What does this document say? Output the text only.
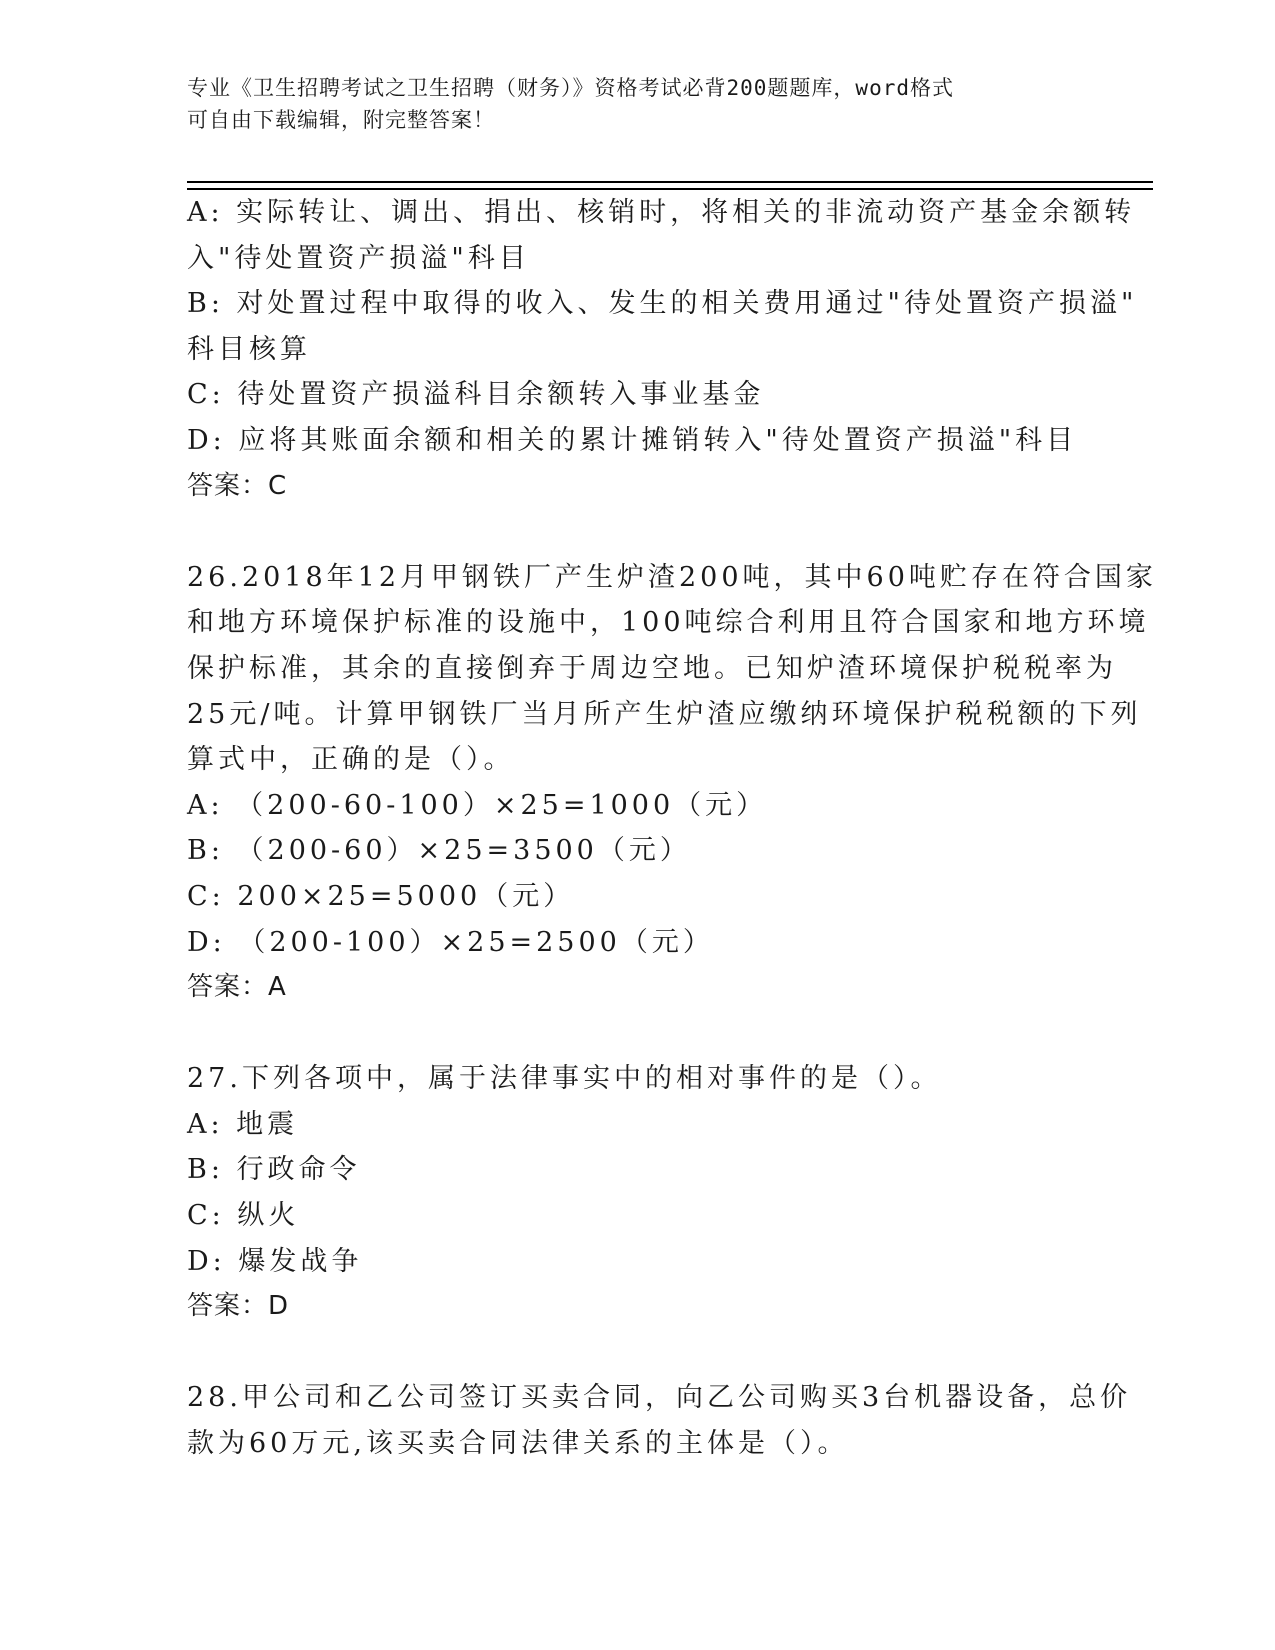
专业《卫生招聘考试之卫生招聘（财务）》资格考试必背200题题库，word格式
可自由下载编辑，附完整答案！
A: 实际转让、调出、捐出、核销时，将相关的非流动资产基金余额转
入"待处置资产损溢"科目
B: 对处置过程中取得的收入、发生的相关费用通过"待处置资产损溢"
科目核算
C: 待处置资产损溢科目余额转入事业基金
D: 应将其账面余额和相关的累计摊销转入"待处置资产损溢"科目
答案：C
26.2018年12月甲钢铁厂产生炉渣200吨，其中60吨贮存在符合国家
和地方环境保护标准的设施中，100吨综合利用且符合国家和地方环境
保护标准，其余的直接倒弃于周边空地。已知炉渣环境保护税税率为
25元/吨。计算甲钢铁厂当月所产生炉渣应缴纳环境保护税税额的下列
算式中，正确的是（）。
A: （200-60-100）×25=1000（元）
B: （200-60）×25=3500（元）
C: 200×25=5000（元）
D: （200-100）×25=2500（元）
答案：A
27.下列各项中，属于法律事实中的相对事件的是（）。
A: 地震
B: 行政命令
C: 纵火
D: 爆发战争
答案：D
28.甲公司和乙公司签订买卖合同，向乙公司购买3台机器设备，总价
款为60万元,该买卖合同法律关系的主体是（）。
